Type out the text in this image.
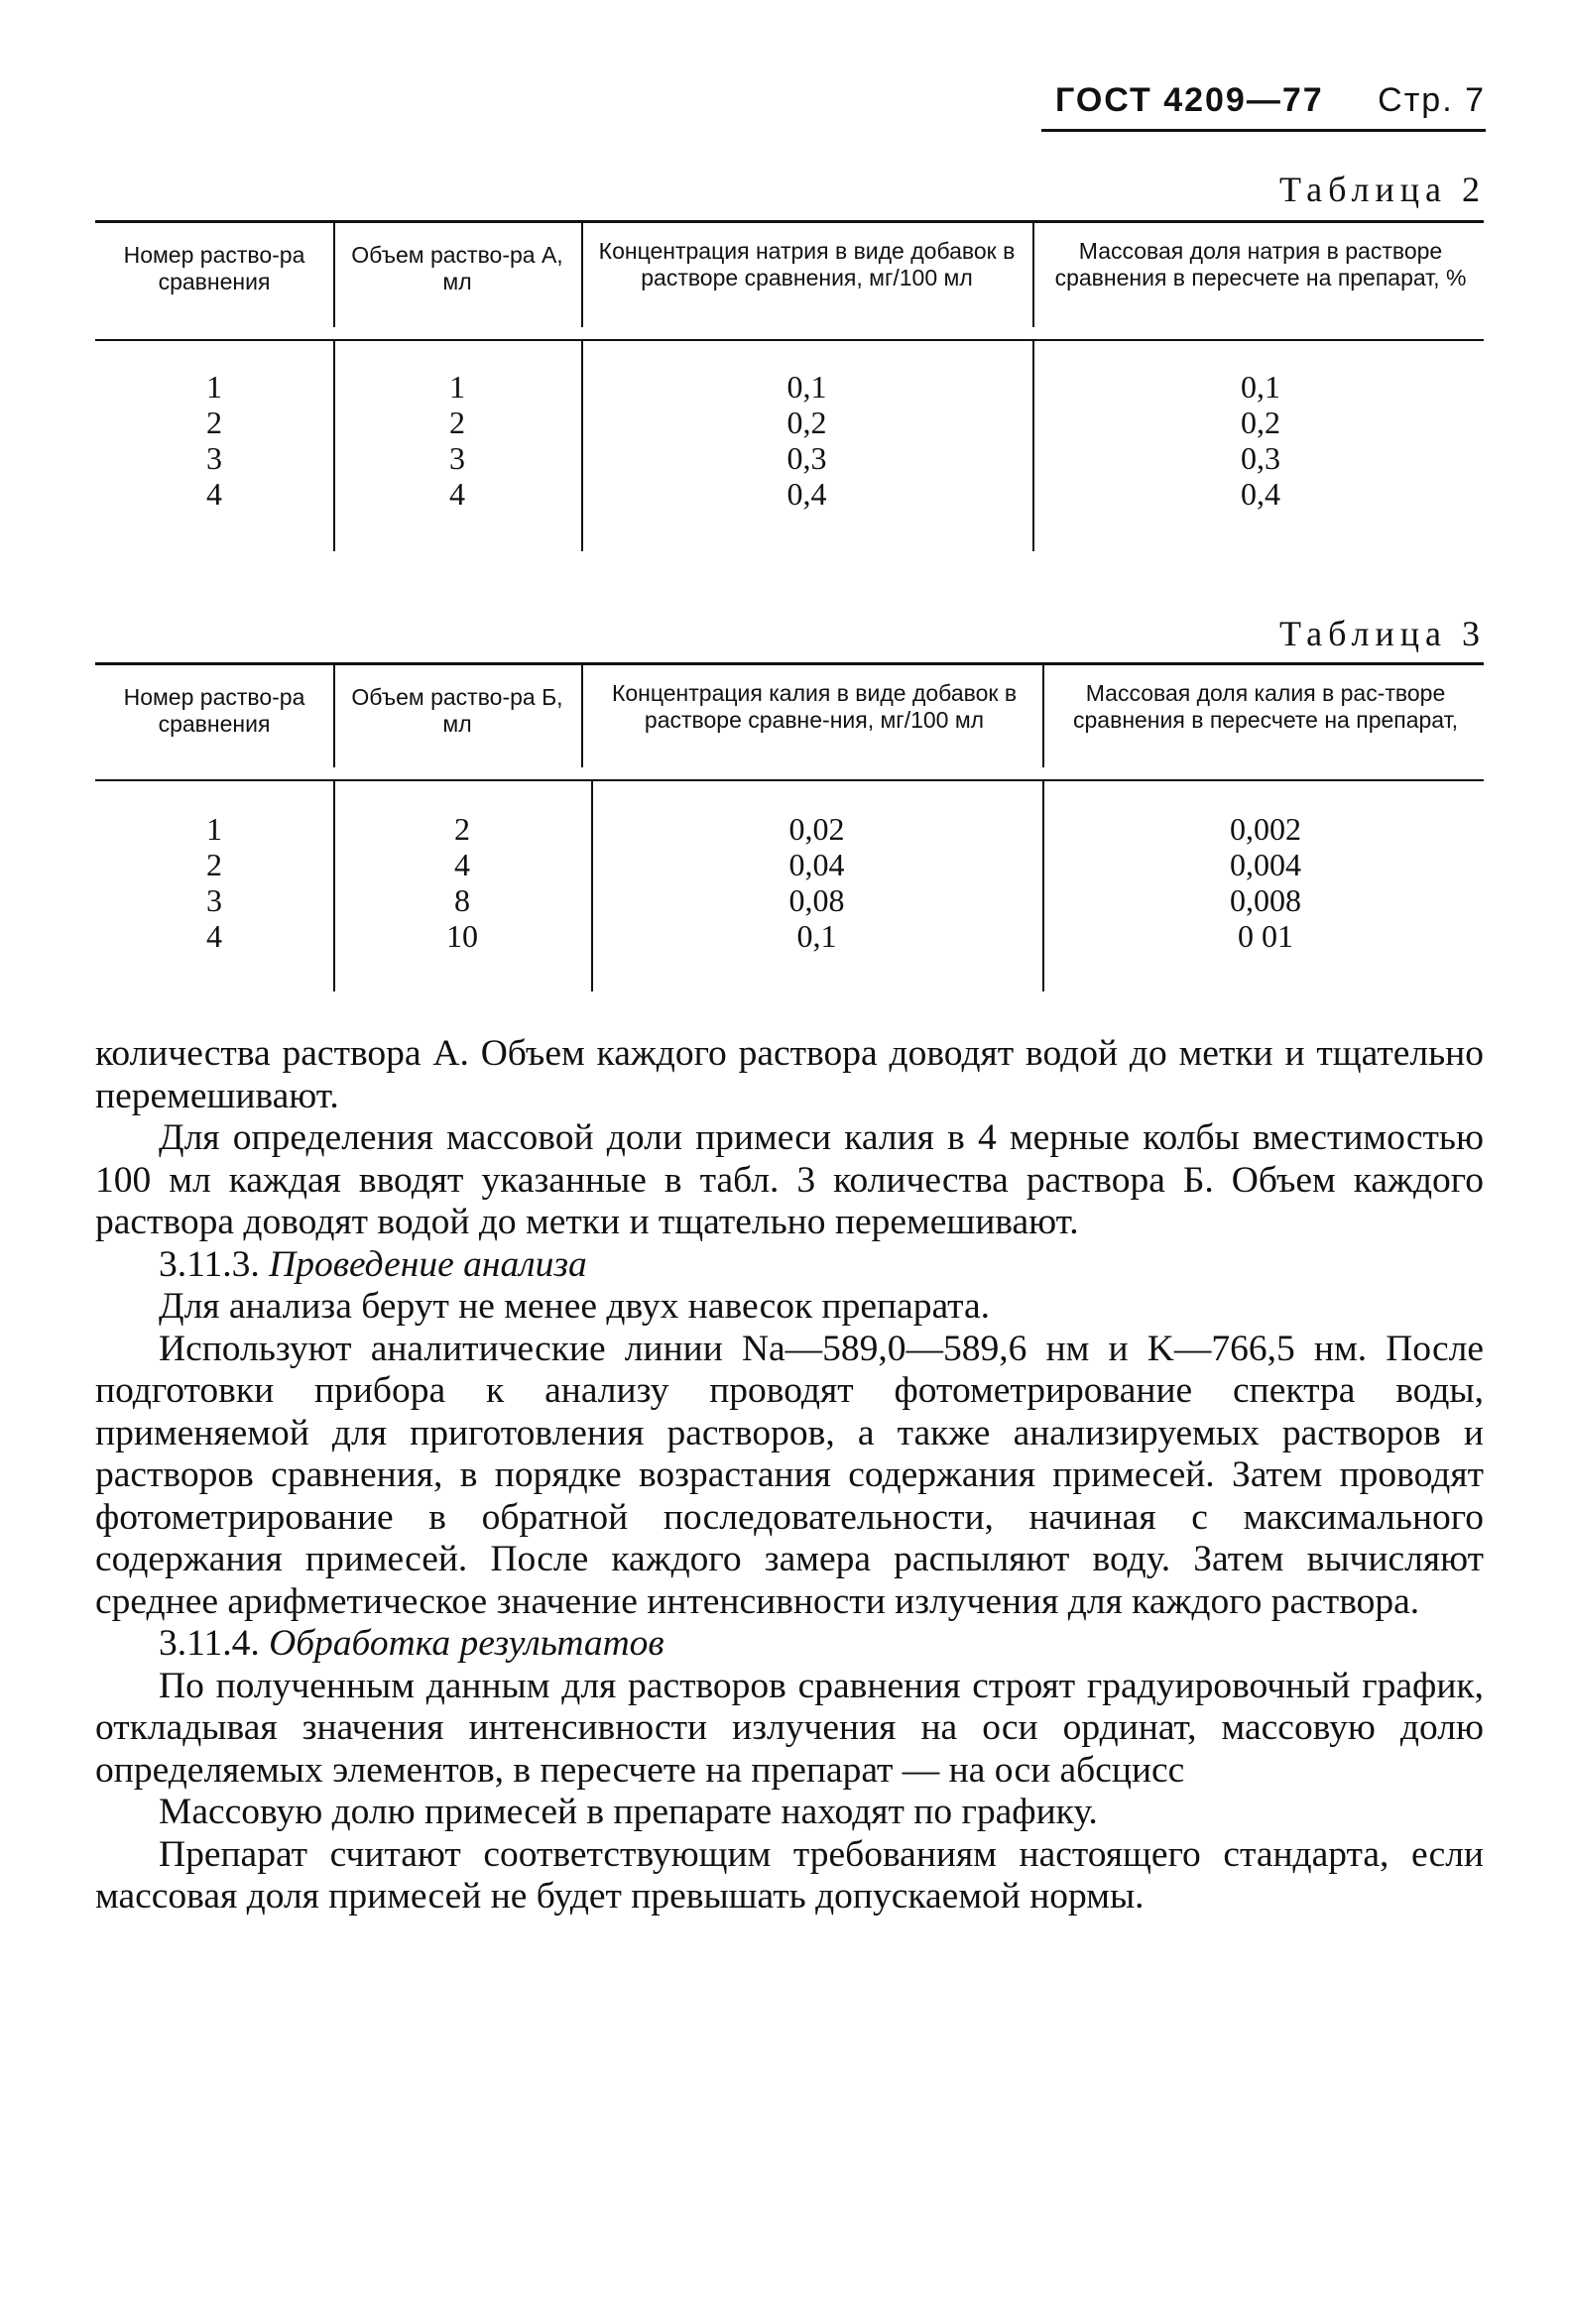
ГОСТ 4209—77 Стр. 7
Таблица 2
Номер раство-ра сравнения
Объем раство-ра А, мл
Концентрация натрия в виде добавок в растворе сравнения, мг/100 мл
Массовая доля натрия в растворе сравнения в пересчете на препарат, %
1
2
3
4
1
2
3
4
0,1
0,2
0,3
0,4
0,1
0,2
0,3
0,4
Таблица 3
Номер раство-ра сравнения
Объем раство-ра Б, мл
Концентрация калия в виде добавок в растворе сравне-ния, мг/100 мл
Массовая доля калия в рас-творе сравнения в пересчете на препарат,
1
2
3
4
2
4
8
10
0,02
0,04
0,08
0,1
0,002
0,004
0,008
0 01

количества раствора А. Объем каждого раствора доводят водой до метки и тщательно перемешивают.

Для определения массовой доли примеси калия в 4 мерные колбы вместимостью 100 мл каждая вводят указанные в табл. 3 количества раствора Б. Объем каждого раствора доводят водой до метки и тщательно перемешивают.

3.11.3. Проведение анализа

Для анализа берут не менее двух навесок препарата.

Используют аналитические линии Na—589,0—589,6 нм и K—766,5 нм. После подготовки прибора к анализу проводят фотометрирование спектра воды, применяемой для приготовления растворов, а также анализируемых растворов и растворов сравнения, в порядке возрастания содержания примесей. Затем проводят фотометрирование в обратной последовательности, начиная с максимального содержания примесей. После каждого замера распыляют воду. Затем вычисляют среднее арифметическое значение интенсивности излучения для каждого раствора.

3.11.4. Обработка результатов

По полученным данным для растворов сравнения строят градуировочный график, откладывая значения интенсивности излучения на оси ординат, массовую долю определяемых элементов, в пересчете на препарат — на оси абсцисс

Массовую долю примесей в препарате находят по графику.

Препарат считают соответствующим требованиям настоящего стандарта, если массовая доля примесей не будет превышать допускаемой нормы.
